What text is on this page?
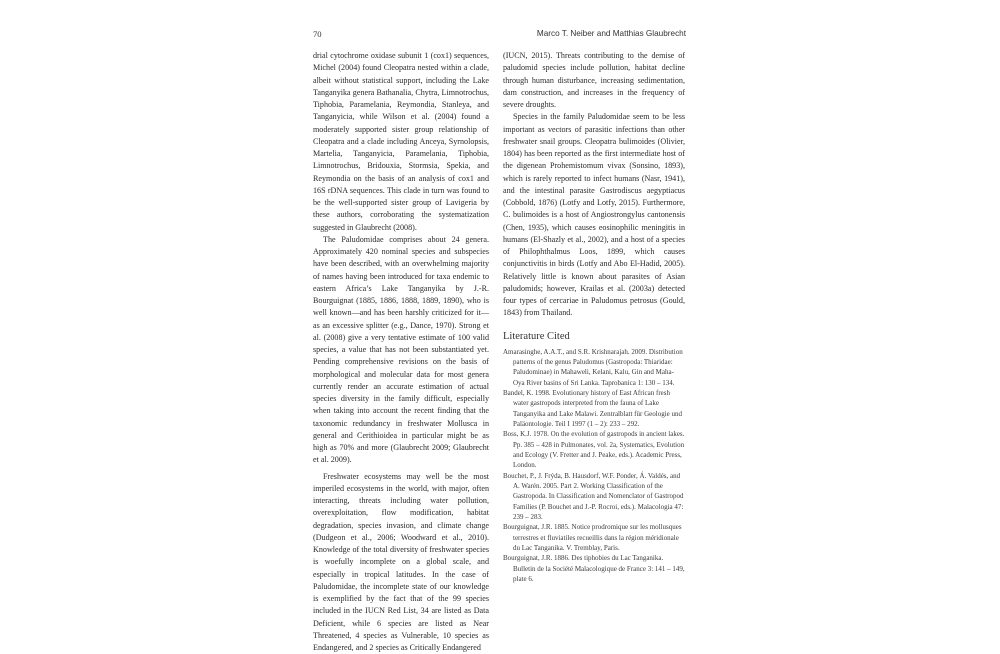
70	Marco T. Neiber and Matthias Glaubrecht

drial cytochrome oxidase subunit 1 (cox1) sequences, Michel (2004) found Cleopatra nested within a clade, albeit without statistical support, including the Lake Tanganyika genera Bathanalia, Chytra, Limnotrochus, Tiphobia, Paramelania, Reymondia, Stanleya, and Tanganyicia, while Wilson et al. (2004) found a moderately supported sister group relationship of Cleopatra and a clade including Anceya, Syrnolopsis, Martelia, Tanganyicia, Paramelania, Tiphobia, Limnotrochus, Bridouxia, Stormsia, Spekia, and Reymondia on the basis of an analysis of cox1 and 16S rDNA sequences. This clade in turn was found to be the well-supported sister group of Lavigeria by these authors, corroborating the systematization suggested in Glaubrecht (2008).

The Paludomidae comprises about 24 genera. Approximately 420 nominal species and subspecies have been described, with an overwhelming majority of names having been introduced for taxa endemic to eastern Africa’s Lake Tanganyika by J.-R. Bourguignat (1885, 1886, 1888, 1889, 1890), who is well known—and has been harshly criticized for it—as an excessive splitter (e.g., Dance, 1970). Strong et al. (2008) give a very tentative estimate of 100 valid species, a value that has not been substantiated yet. Pending comprehensive revisions on the basis of morphological and molecular data for most genera currently render an accurate estimation of actual species diversity in the family difficult, especially when taking into account the recent finding that the taxonomic redundancy in freshwater Mollusca in general and Cerithioidea in particular might be as high as 70% and more (Glaubrecht 2009; Glaubrecht et al. 2009).

Freshwater ecosystems may well be the most imperiled ecosystems in the world, with major, often interacting, threats including water pollution, overexploitation, flow modification, habitat degradation, species invasion, and climate change (Dudgeon et al., 2006; Woodward et al., 2010). Knowledge of the total diversity of freshwater species is woefully incomplete on a global scale, and especially in tropical latitudes. In the case of Paludomidae, the incomplete state of our knowledge is exemplified by the fact that of the 99 species included in the IUCN Red List, 34 are listed as Data Deficient, while 6 species are listed as Near Threatened, 4 species as Vulnerable, 10 species as Endangered, and 2 species as Critically Endangered

(IUCN, 2015). Threats contributing to the demise of paludomid species include pollution, habitat decline through human disturbance, increasing sedimentation, dam construction, and increases in the frequency of severe droughts.

Species in the family Paludomidae seem to be less important as vectors of parasitic infections than other freshwater snail groups. Cleopatra bulimoides (Olivier, 1804) has been reported as the first intermediate host of the digenean Prohemistomum vivax (Sonsino, 1893), which is rarely reported to infect humans (Nasr, 1941), and the intestinal parasite Gastrodiscus aegyptiacus (Cobbold, 1876) (Lotfy and Lotfy, 2015). Furthermore, C. bulimoides is a host of Angiostrongylus cantonensis (Chen, 1935), which causes eosinophilic meningitis in humans (El-Shazly et al., 2002), and a host of a species of Philophthalmus Loos, 1899, which causes conjunctivitis in birds (Lotfy and Abo El-Hadid, 2005). Relatively little is known about parasites of Asian paludomids; however, Krailas et al. (2003a) detected four types of cercariae in Paludomus petrosus (Gould, 1843) from Thailand.

Literature Cited

Amarasinghe, A.A.T., and S.R. Krishnarajah. 2009. Distribution patterns of the genus Paludomus (Gastropoda: Thiaridae: Paludominae) in Mahaweli, Kelani, Kalu, Gin and Maha-Oya River basins of Sri Lanka. Taprobanica 1: 130 – 134.

Bandel, K. 1998. Evolutionary history of East African fresh water gastropods interpreted from the fauna of Lake Tanganyika and Lake Malawi. Zentralblatt für Geologie und Paläontologie. Teil I 1997 (1 – 2): 233 – 292.

Boss, K.J. 1978. On the evolution of gastropods in ancient lakes. Pp. 385 – 428 in Pulmonates, vol. 2a, Systematics, Evolution and Ecology (V. Fretter and J. Peake, eds.). Academic Press, London.

Bouchet, P., J. Frýda, B. Hausdorf, W.F. Ponder, Á. Valdés, and A. Warén. 2005. Part 2. Working Classification of the Gastropoda. In Classification and Nomenclator of Gastropod Families (P. Bouchet and J.-P. Rocroi, eds.). Malacologia 47: 239 – 283.

Bourguignat, J.R. 1885. Notice prodromique sur les mollusques terrestres et fluviatiles recueillis dans la région méridionale du Lac Tanganika. V. Tremblay, Paris.

Bourguignat, J.R. 1886. Des tiphobies du Lac Tanganika. Bulletin de la Société Malacologique de France 3: 141 – 149, plate 6.
